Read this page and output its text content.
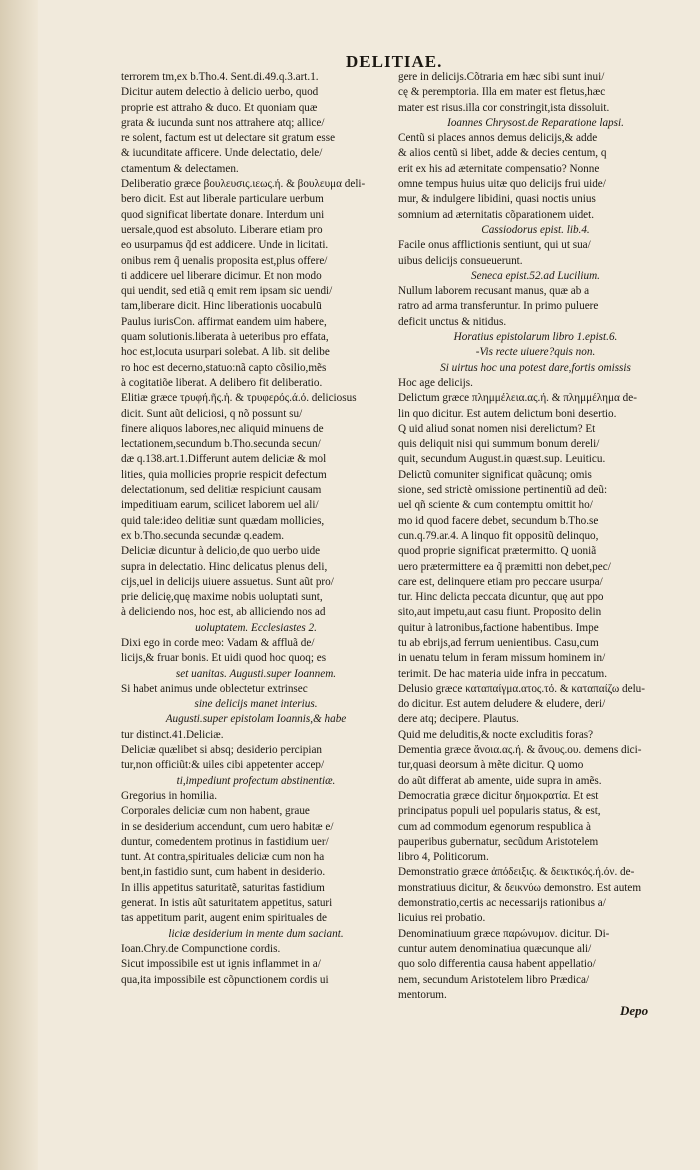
DELITIAE.
terrorem tm,ex b.Tho.4. Sent.di.49.q.3.art.1.
Dicitur autem delectio à delicio uerbo, quod
proprie est attraho & duco. Et quoniam quæ
grata & iucunda sunt nos attrahere atq; allice/
re solent, factum est ut delectare sit gratum esse
& iucunditate afficere. Unde delectatio, dele/
ctamentum & delectamen.
Deliberatio græce βουλευσις.ιεως.ή. & βουλευμα deli-
bero dicit. Est aut liberale particulare uerbum
quod significat libertate donare. Interdum uni
uersale,quod est absoluto. Liberare etiam pro
eo usurpamus q̃d est addicere. Unde in licitati.
onibus rem q̃ uenalis proposita est,plus offere/
ti addicere uel liberare dicimur. Et non modo
qui uendit, sed etiã q emit rem ipsam sic uendi/
tam,liberare dicit. Hinc liberationis uocabulū
Paulus iurisCon. affirmat eandem uim habere,
quam solutionis.liberata à ueteribus pro effata,
hoc est,locuta usurpari solebat. A lib. sit delibe
ro hoc est decerno,statuo:nã capto cõsilio,mẽs
à cogitatiõe liberat. A delibero fit deliberatio.
Elitiæ græce τρυφή.ῆς.ἡ. & τρυφερός.ά.ό. deliciosus
dicit. Sunt aũt deliciosi, q nõ possunt su/
finere aliquos labores,nec aliquid minuens de
lectationem,secundum b.Tho.secunda secun/
dæ q.138.art.1.Differunt autem deliciæ & mol
lities, quia mollicies proprie respicit defectum
delectationum, sed delitiæ respiciunt causam
impeditiuam earum, scilicet laborem uel ali/
quid tale:ideo delitiæ sunt quædam mollicies,
ex b.Tho.secunda secundæ q.eadem.
Deliciæ dicuntur à delicio,de quo uerbo uide
supra in delectatio. Hinc delicatus plenus deli,
cijs,uel in delicijs uiuere assuetus. Sunt aũt pro/
prie delicię,quę maxime nobis uoluptati sunt,
à deliciendo nos, hoc est, ab alliciendo nos ad
uoluptatem. Ecclesiastes 2.
Dixi ego in corde meo: Vadam & affluã de/
licijs,& fruar bonis. Et uidi quod hoc quoq; es
set uanitas. Augusti.super Ioannem.
Si habet animus unde oblectetur extrinsec
sine delicijs manet interius.
Augusti.super epistolam Ioannis,& habe
tur distinct.41.Deliciæ.
Deliciæ quælibet si absq; desiderio percipian
tur,non officiũt:& uiles cibi appetenter accep/
ti,impediunt profectum abstinentiæ.
Gregorius in homilia.
Corporales deliciæ cum non habent, graue
in se desiderium accendunt, cum uero habitæ e/
duntur, comedentem protinus in fastidium uer/
tunt. At contra,spirituales deliciæ cum non ha
bent,in fastidio sunt, cum habent in desiderio.
In illis appetitus saturitatẽ, saturitas fastidium
generat. In istis aũt saturitatem appetitus, saturi
tas appetitum parit, augent enim spirituales de
liciæ desiderium in mente dum saciant.
Ioan.Chry.de Compunctione cordis.
Sicut impossibile est ut ignis inflammet in a/
qua,ita impossibile est cõpunctionem cordis ui
gere in delicijs.Cõtraria em hæc sibi sunt inui/
cę & peremptoria. Illa em mater est fletus,hæc
mater est risus.illa cor constringit,ista dissoluit.
Ioannes Chrysost.de Reparatione lapsi.
Centũ si places annos demus delicijs,& adde
& alios centũ si libet, adde & decies centum, q
erit ex his ad æternitate compensatio? Nonne
omne tempus huius uitæ quo delicijs frui uide/
mur, & indulgere libidini, quasi noctis unius
somnium ad æternitatis cõparationem uidet.
Cassiodorus epist. lib.4.
Facile onus afflictionis sentiunt, qui ut sua/
uibus delicijs consueuerunt.
Seneca epist.52.ad Lucilium.
Nullum laborem recusant manus, quæ ab a
ratro ad arma transferuntur. In primo puluere
deficit unctus & nitidus.
Horatius epistolarum libro 1.epist.6.
-Vis recte uiuere?quis non.
Si uirtus hoc una potest dare,fortis omissis
Hoc age delicijs.
Delictum græce πλημμέλεια.ας.ή. & πλημμέλημα de-
lin quo dicitur. Est autem delictum boni desertio.
Q uid aliud sonat nomen nisi derelictum? Et
quis deliquit nisi qui summum bonum dereli/
quit, secundum August.in quæst.sup. Leuiticu.
Delictũ comuniter significat quãcunq; omis
sione, sed strictè omissione pertinentiũ ad deũ:
uel qñ sciente & cum contemptu omittit ho/
mo id quod facere debet, secundum b.Tho.se
cun.q.79.ar.4. A linquo fit oppositũ delinquo,
quod proprie significat prætermitto. Q uoniã
uero prætermittere ea q̃ præmitti non debet,pec/
care est, delinquere etiam pro peccare usurpa/
tur. Hinc delicta peccata dicuntur, quę aut ppo
sito,aut impetu,aut casu fiunt. Proposito delin
quitur à latronibus,factione habentibus. Impe
tu ab ebrijs,ad ferrum uenientibus. Casu,cum
in uenatu telum in feram missum hominem in/
terimit. De hac materia uide infra in peccatum.
Delusio græce καταπαίγμα.ατος.τό. & καταπαίζω delu-
do dicitur. Est autem deludere & eludere, deri/
dere atq; decipere. Plautus.
Quid me deluditis,& nocte excluditis foras?
Dementia græce ἄνοια.ας.ή. & ἄνους.ου. demens dici-
tur,quasi deorsum à mẽte dicitur. Q uomo
do aũt differat ab amente, uide supra in amẽs.
Democratia græce dicitur δημοκρατία. Et est
principatus populi uel popularis status, & est,
cum ad commodum egenorum respublica à
pauperibus gubernatur, secũdum Aristotelem
libro 4, Politicorum.
Demonstratio græce ἀπόδειξις. & δεικτικός.ή.όν. de-
monstratiuus dicitur, & δεικνύω demonstro. Est autem
demonstratio,certis ac necessarijs rationibus a/
licuius rei probatio.
Denominatiuum græce παρώνυμον. dicitur. Di-
cuntur autem denominatiua quæcunque ali/
quo solo differentia causa habent appellatio/
nem, secundum Aristotelem libro Prædica/
mentorum.
Depo
